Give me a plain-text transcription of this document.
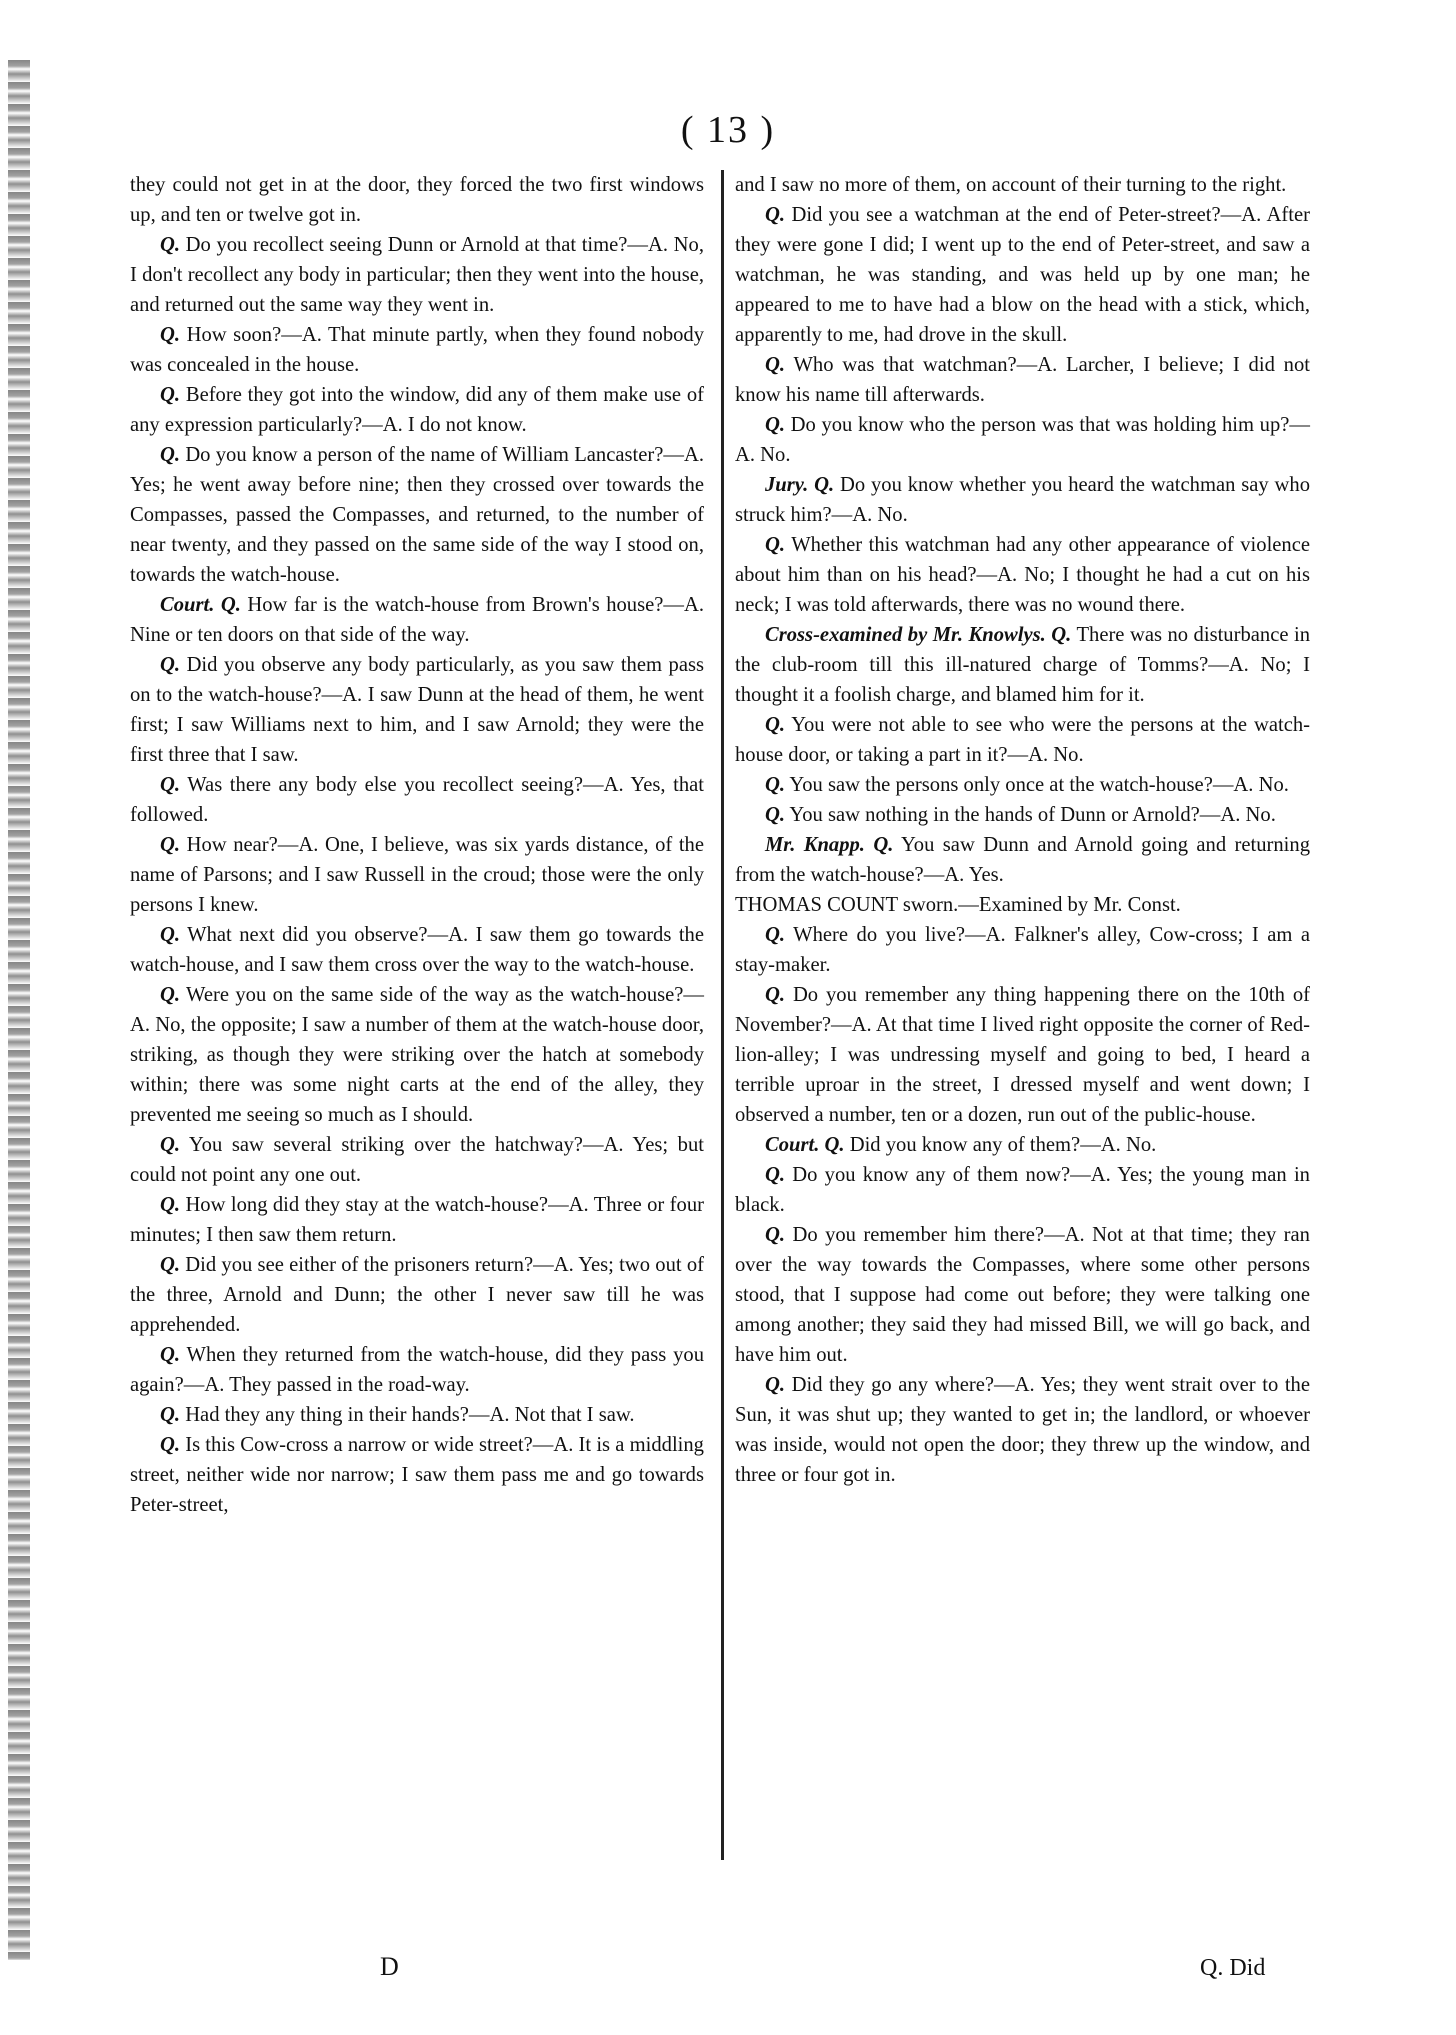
( 13 )

they could not get in at the door, they forced the two first windows up, and ten or twelve got in.

Q. Do you recollect seeing Dunn or Arnold at that time?—A. No, I don't recollect any body in particular; then they went into the house, and returned out the same way they went in.

Q. How soon?—A. That minute partly, when they found nobody was concealed in the house.

Q. Before they got into the window, did any of them make use of any expression particularly?—A. I do not know.

Q. Do you know a person of the name of William Lancaster?—A. Yes; he went away before nine; then they crossed over towards the Compasses, passed the Compasses, and returned, to the number of near twenty, and they passed on the same side of the way I stood on, towards the watch-house.

Court. Q. How far is the watch-house from Brown's house?—A. Nine or ten doors on that side of the way.

Q. Did you observe any body particularly, as you saw them pass on to the watch-house?—A. I saw Dunn at the head of them, he went first; I saw Williams next to him, and I saw Arnold; they were the first three that I saw.

Q. Was there any body else you recollect seeing?—A. Yes, that followed.

Q. How near?—A. One, I believe, was six yards distance, of the name of Parsons; and I saw Russell in the croud; those were the only persons I knew.

Q. What next did you observe?—A. I saw them go towards the watch-house, and I saw them cross over the way to the watch-house.

Q. Were you on the same side of the way as the watch-house?—A. No, the opposite; I saw a number of them at the watch-house door, striking, as though they were striking over the hatch at somebody within; there was some night carts at the end of the alley, they prevented me seeing so much as I should.

Q. You saw several striking over the hatchway?—A. Yes; but could not point any one out.

Q. How long did they stay at the watch-house?—A. Three or four minutes; I then saw them return.

Q. Did you see either of the prisoners return?—A. Yes; two out of the three, Arnold and Dunn; the other I never saw till he was apprehended.

Q. When they returned from the watch-house, did they pass you again?—A. They passed in the road-way.

Q. Had they any thing in their hands?—A. Not that I saw.

Q. Is this Cow-cross a narrow or wide street?—A. It is a middling street, neither wide nor narrow; I saw them pass me and go towards Peter-street,

and I saw no more of them, on account of their turning to the right.

Q. Did you see a watchman at the end of Peter-street?—A. After they were gone I did; I went up to the end of Peter-street, and saw a watchman, he was standing, and was held up by one man; he appeared to me to have had a blow on the head with a stick, which, apparently to me, had drove in the skull.

Q. Who was that watchman?—A. Larcher, I believe; I did not know his name till afterwards.

Q. Do you know who the person was that was holding him up?—A. No.

Jury. Q. Do you know whether you heard the watchman say who struck him?—A. No.

Q. Whether this watchman had any other appearance of violence about him than on his head?—A. No; I thought he had a cut on his neck; I was told afterwards, there was no wound there.

Cross-examined by Mr. Knowlys. Q. There was no disturbance in the club-room till this ill-natured charge of Tomms?—A. No; I thought it a foolish charge, and blamed him for it.

Q. You were not able to see who were the persons at the watch-house door, or taking a part in it?—A. No.

Q. You saw the persons only once at the watch-house?—A. No.

Q. You saw nothing in the hands of Dunn or Arnold?—A. No.

Mr. Knapp. Q. You saw Dunn and Arnold going and returning from the watch-house?—A. Yes.

THOMAS COUNT sworn.—Examined by Mr. Const.

Q. Where do you live?—A. Falkner's alley, Cow-cross; I am a stay-maker.

Q. Do you remember any thing happening there on the 10th of November?—A. At that time I lived right opposite the corner of Red-lion-alley; I was undressing myself and going to bed, I heard a terrible uproar in the street, I dressed myself and went down; I observed a number, ten or a dozen, run out of the public-house.

Court. Q. Did you know any of them?—A. No.

Q. Do you know any of them now?—A. Yes; the young man in black.

Q. Do you remember him there?—A. Not at that time; they ran over the way towards the Compasses, where some other persons stood, that I suppose had come out before; they were talking one among another; they said they had missed Bill, we will go back, and have him out.

Q. Did they go any where?—A. Yes; they went strait over to the Sun, it was shut up; they wanted to get in; the landlord, or whoever was inside, would not open the door; they threw up the window, and three or four got in.

D	Q. Did
